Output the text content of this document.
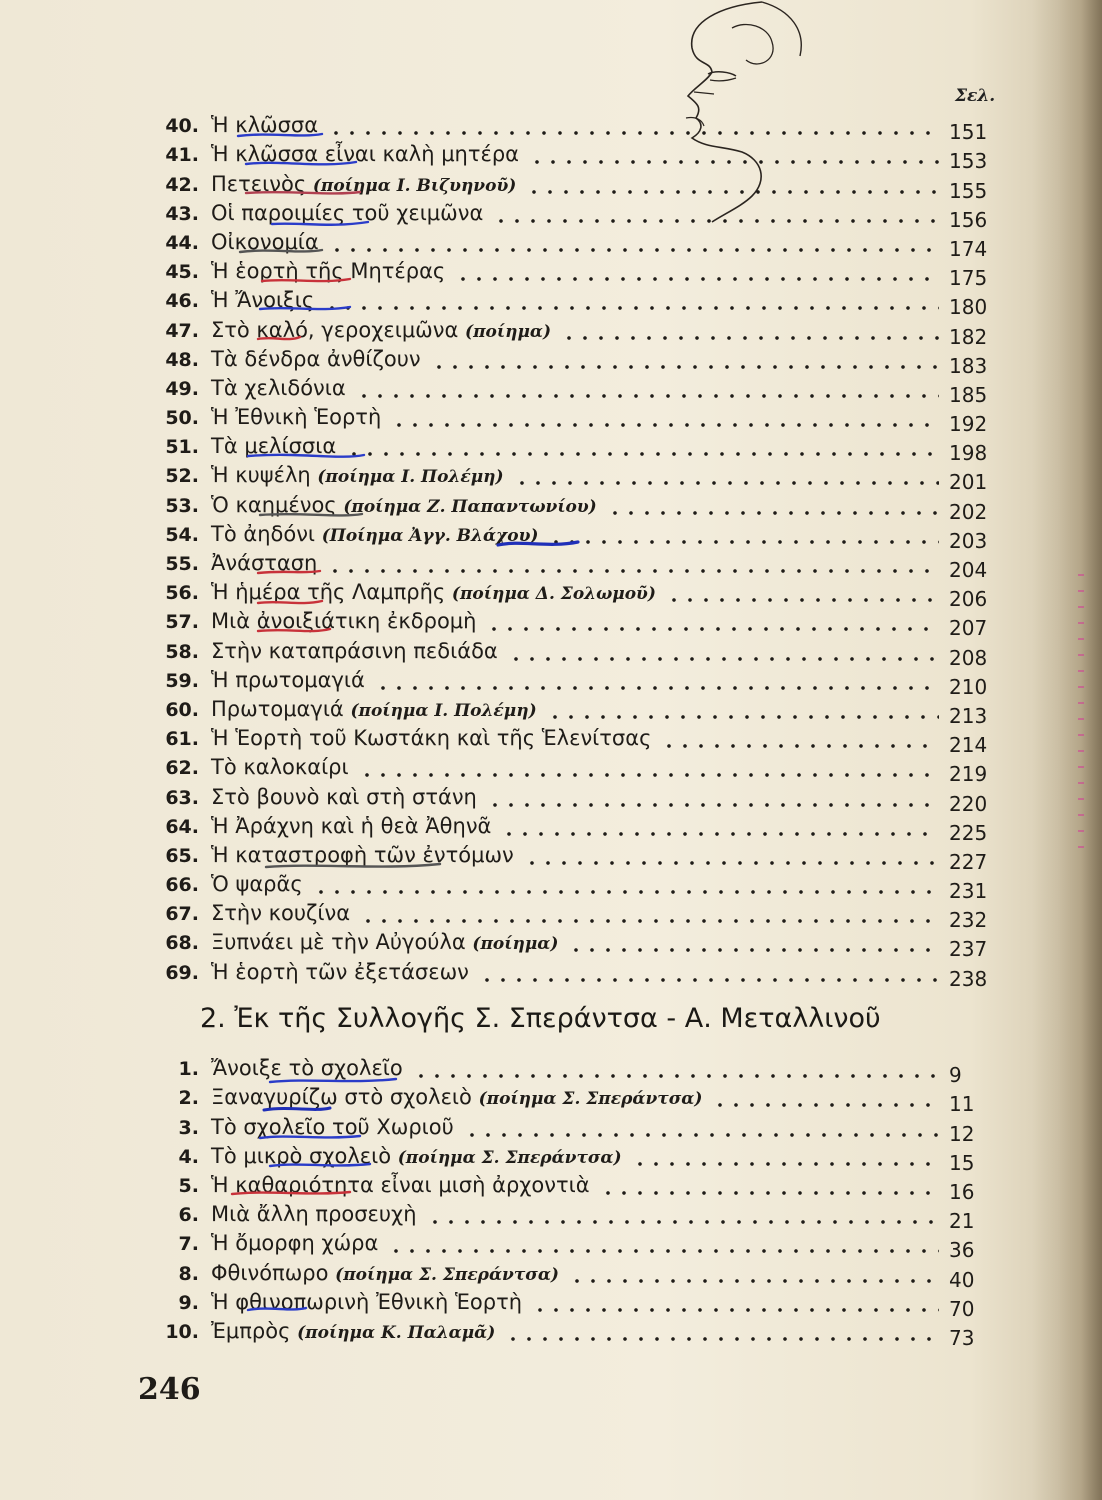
Σελ.
40. Ἡ κλῶσσα	151
41. Ἡ κλῶσσα εἶναι καλὴ μητέρα	153
42. Πετεινὸς (ποίημα Ι. Βιζυηνοῦ)	155
43. Οἱ παροιμίες τοῦ χειμῶνα	156
44. Οἰκονομία	174
45. Ἡ ἑορτὴ τῆς Μητέρας	175
46. Ἡ Ἄνοιξις	180
47. Στὸ καλό, γεροχειμῶνα (ποίημα)	182
48. Τὰ δένδρα ἀνθίζουν	183
49. Τὰ χελιδόνια	185
50. Ἡ Ἐθνικὴ Ἑορτὴ	192
51. Τὰ μελίσσια	198
52. Ἡ κυψέλη (ποίημα Ι. Πολέμη)	201
53. Ὁ καημένος (ποίημα Ζ. Παπαντωνίου)	202
54. Τὸ ἀηδόνι (Ποίημα Ἀγγ. Βλάχου)	203
55. Ἀνάσταση	204
56. Ἡ ἡμέρα τῆς Λαμπρῆς (ποίημα Δ. Σολωμοῦ)	206
57. Μιὰ ἀνοιξιάτικη ἐκδρομὴ	207
58. Στὴν καταπράσινη πεδιάδα	208
59. Ἡ πρωτομαγιά	210
60. Πρωτομαγιά (ποίημα Ι. Πολέμη)	213
61. Ἡ Ἑορτὴ τοῦ Κωστάκη καὶ τῆς Ἑλενίτσας	214
62. Τὸ καλοκαίρι	219
63. Στὸ βουνὸ καὶ στὴ στάνη	220
64. Ἡ Ἀράχνη καὶ ἡ θεὰ Ἀθηνᾶ	225
65. Ἡ καταστροφὴ τῶν ἐντόμων	227
66. Ὁ ψαρᾶς	231
67. Στὴν κουζίνα	232
68. Ξυπνάει μὲ τὴν Αὐγούλα (ποίημα)	237
69. Ἡ ἑορτὴ τῶν ἐξετάσεων	238
2. Ἐκ τῆς Συλλογῆς Σ. Σπεράντσα - Α. Μεταλλινοῦ
1. Ἄνοιξε τὸ σχολεῖο	9
2. Ξαναγυρίζω στὸ σχολειὸ (ποίημα Σ. Σπεράντσα)	11
3. Τὸ σχολεῖο τοῦ Χωριοῦ	12
4. Τὸ μικρὸ σχολειὸ (ποίημα Σ. Σπεράντσα)	15
5. Ἡ καθαριότητα εἶναι μισὴ ἀρχοντιὰ	16
6. Μιὰ ἄλλη προσευχὴ	21
7. Ἡ ὄμορφη χώρα	36
8. Φθινόπωρο (ποίημα Σ. Σπεράντσα)	40
9. Ἡ φθινοπωρινὴ Ἐθνικὴ Ἑορτὴ	70
10. Ἐμπρὸς (ποίημα Κ. Παλαμᾶ)	73
246
